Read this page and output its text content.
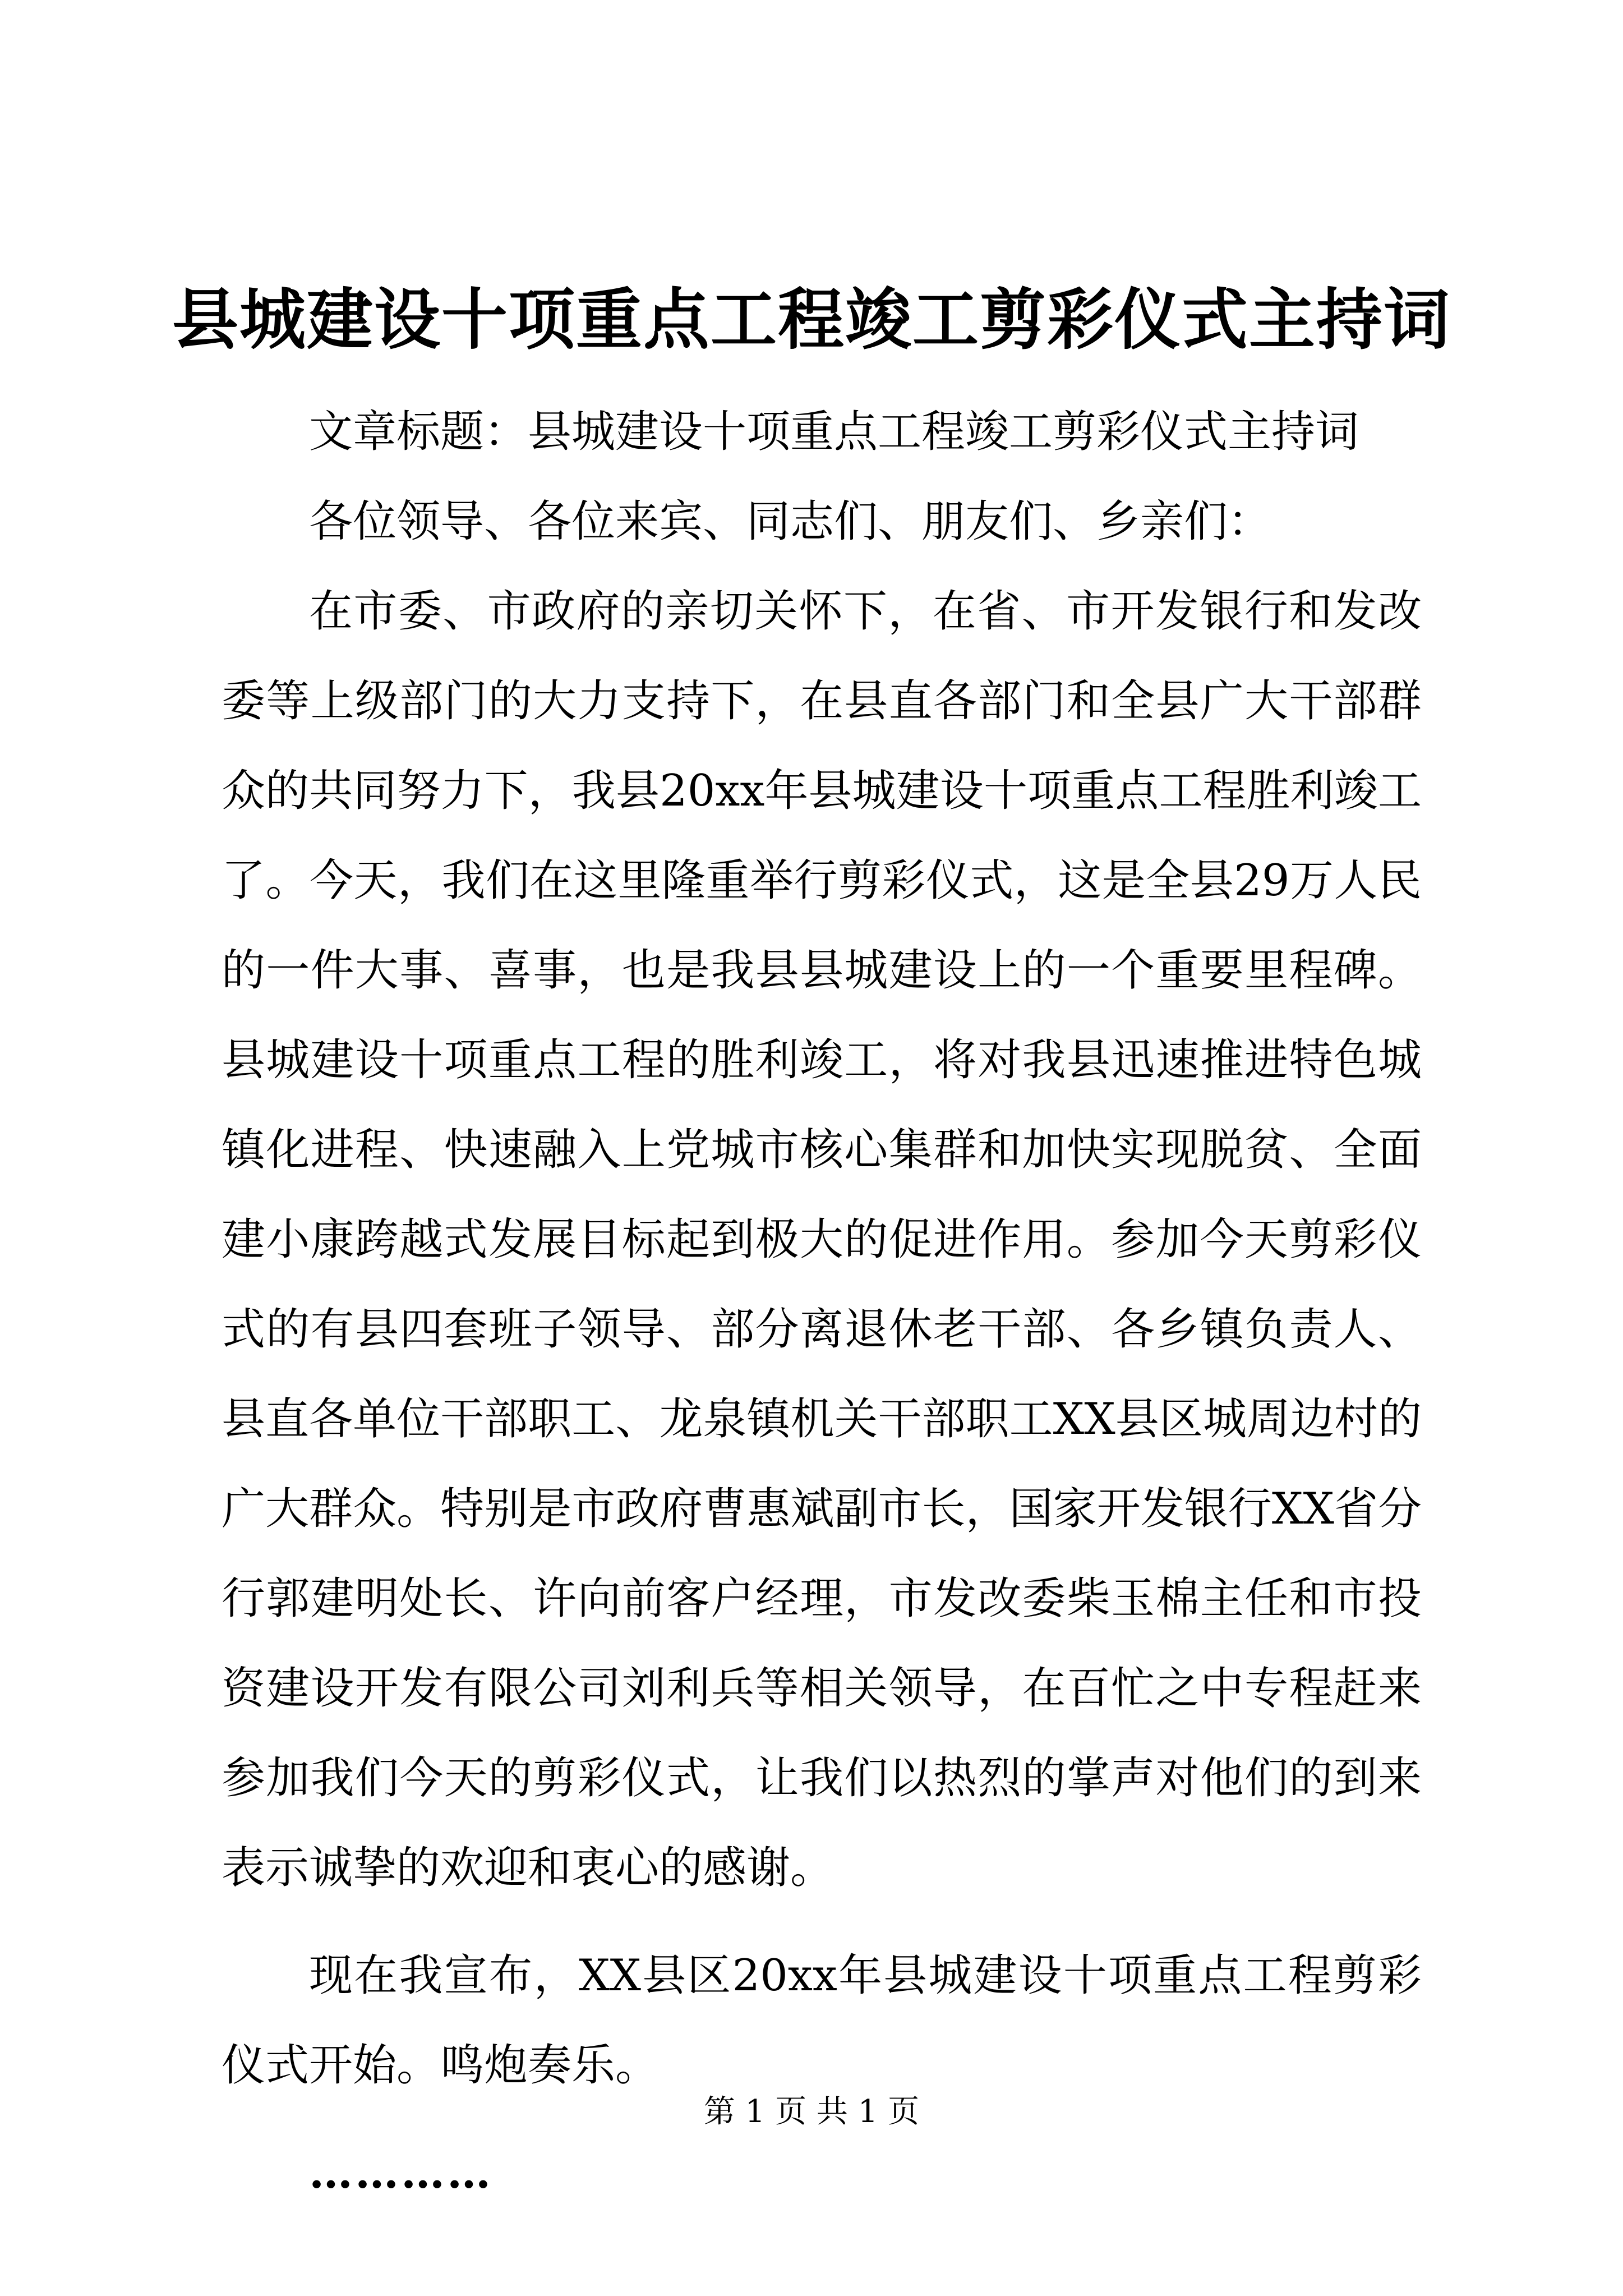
县城建设十项重点工程竣工剪彩仪式主持词

文章标题：县城建设十项重点工程竣工剪彩仪式主持词

各位领导、各位来宾、同志们、朋友们、乡亲们：

在市委、市政府的亲切关怀下，在省、市开发银行和发改委等上级部门的大力支持下，在县直各部门和全县广大干部群众的共同努力下，我县20xx年县城建设十项重点工程胜利竣工了。今天，我们在这里隆重举行剪彩仪式，这是全县29万人民的一件大事、喜事，也是我县县城建设上的一个重要里程碑。县城建设十项重点工程的胜利竣工，将对我县迅速推进特色城镇化进程、快速融入上党城市核心集群和加快实现脱贫、全面建小康跨越式发展目标起到极大的促进作用。参加今天剪彩仪式的有县四套班子领导、部分离退休老干部、各乡镇负责人、县直各单位干部职工、龙泉镇机关干部职工XX县区城周边村的广大群众。特别是市政府曹惠斌副市长，国家开发银行XX省分行郭建明处长、许向前客户经理，市发改委柴玉棉主任和市投资建设开发有限公司刘利兵等相关领导，在百忙之中专程赶来参加我们今天的剪彩仪式，让我们以热烈的掌声对他们的到来表示诚挚的欢迎和衷心的感谢。

现在我宣布，XX县区20xx年县城建设十项重点工程剪彩仪式开始。鸣炮奏乐。

…………

第 1 页 共 1 页
